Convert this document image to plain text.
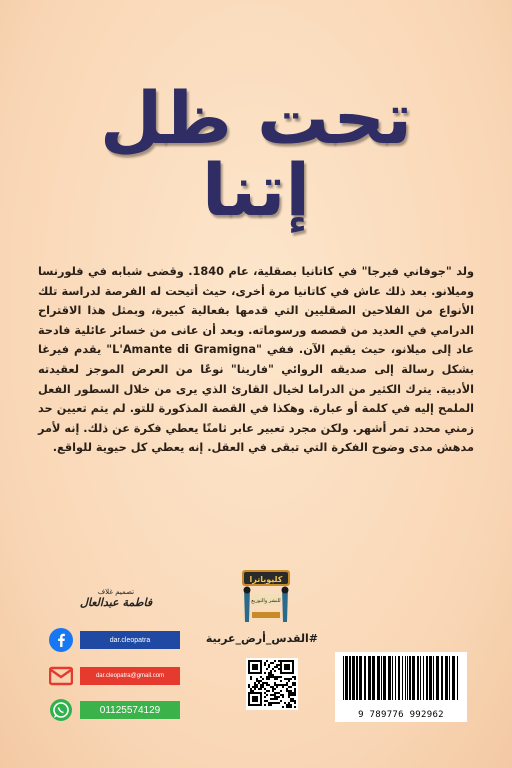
تحت ظل
إتنا
ولد "جوفاني فيرجا" في كاتانيا بصقلية، عام 1840. وقضى شبابه في فلورنسا وميلانو. بعد ذلك عاش في كاتانيا مرة أخرى، حيث أتيحت له الفرصة لدراسة تلك الأنواع من الفلاحين الصقليين التي قدمها بفعالية كبيرة، وبمثل هذا الاقتراح الدرامي في العديد من قصصه ورسوماته. وبعد أن عانى من خسائر عائلية فادحة عاد إلى ميلانو، حيث يقيم الآن. ففي "L'Amante di Gramigna" يقدم فيرغا بشكل رسالة إلى صديقه الروائي "فارينا" نوعًا من العرض الموجز لعقيدته الأدبية. يترك الكثير من الدراما لخيال القارئ الذي يرى من خلال السطور الفعل الملمح إليه في كلمة أو عبارة. وهكذا في القصة المذكورة للتو. لم يتم تعيين حد زمني محدد تمر أشهر. ولكن مجرد تعبير عابر ثامنًا يعطي فكرة عن ذلك. إنه لأمر مدهش مدى وضوح الفكرة التي تبقى في العقل. إنه يعطي كل حيوية للواقع.
تصميم غلاف
فاطمة عبدالعال
كليوباترا
للنشر والتوزيع
dar.cleopatra
dar.cleopatra@gmail.com
01125574129
#القدس_أرض_عربية
9 789776 992962
